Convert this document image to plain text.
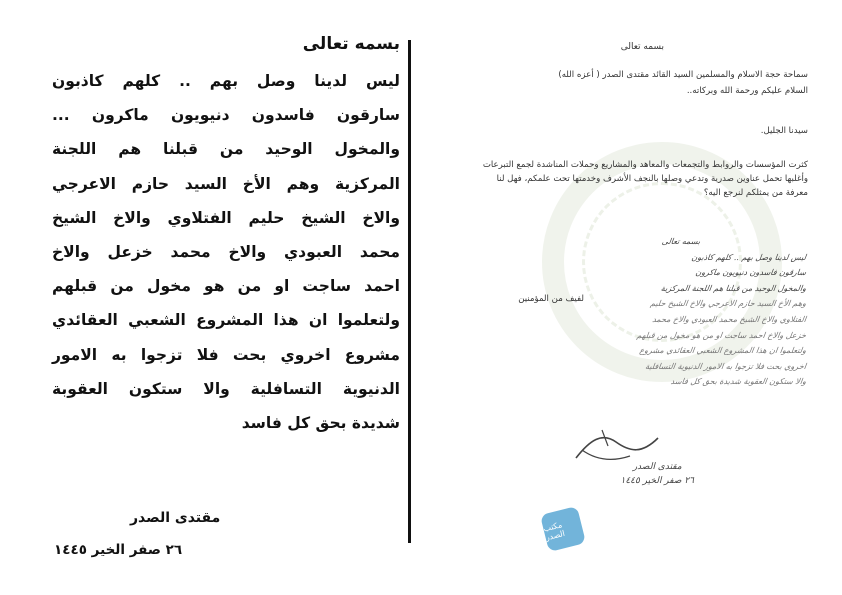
بسمه تعالى
ليس لدينا وصل بهم .. كلهم كاذبون
سارقون فاسدون دنيويون ماكرون ...
والمخول الوحيد من قبلنا هم اللجنة
المركزية وهم الأخ السيد حازم الاعرجي
والاخ الشيخ حليم الفتلاوي والاخ الشيخ
محمد العبودي والاخ محمد خزعل والاخ
احمد ساجت او من هو مخول من قبلهم
ولتعلموا ان هذا المشروع الشعبي العقائدي
مشروع اخروي بحت فلا تزجوا به الامور
الدنيوية التسافلية والا ستكون العقوبة
شديدة بحق كل فاسد
مقتدى الصدر
٢٦ صفر الخير ١٤٤٥
بسمه تعالى
سماحة حجة الاسلام والمسلمين السيد القائد مقتدى الصدر ( أعزه الله)
السلام عليكم ورحمة الله وبركاته..
سيدنا الجليل.
كثرت المؤسسات والروابط والتجمعات والمعاهد والمشاريع وحملات المناشدة لجمع التبرعات
وأغلبها تحمل عناوين صدرية وتدعي وصلها بالنجف الأشرف وخدمتها تحت علمكم، فهل لنا
معرفة من يمثلكم لنرجع اليه؟
لفيف من المؤمنين
بسمه تعالى
ليس لدينا وصل بهم .. كلهم كاذبون
سارقون فاسدون دنيويون ماكرون
والمخول الوحيد من قبلنا هم اللجنة المركزية
وهم الأخ السيد حازم الاعرجي والاخ الشيخ حليم
الفتلاوي والاخ الشيخ محمد العبودي والاخ محمد
خزعل والاخ احمد ساجت او من هو مخول من قبلهم
ولتعلموا ان هذا المشروع الشعبي العقائدي مشروع
اخروي بحت فلا تزجوا به الامور الدنيوية التسافلية
والا ستكون العقوبة شديدة بحق كل فاسد
مقتدى الصدر
٢٦ صفر الخير ١٤٤٥
مكتب الصدر
